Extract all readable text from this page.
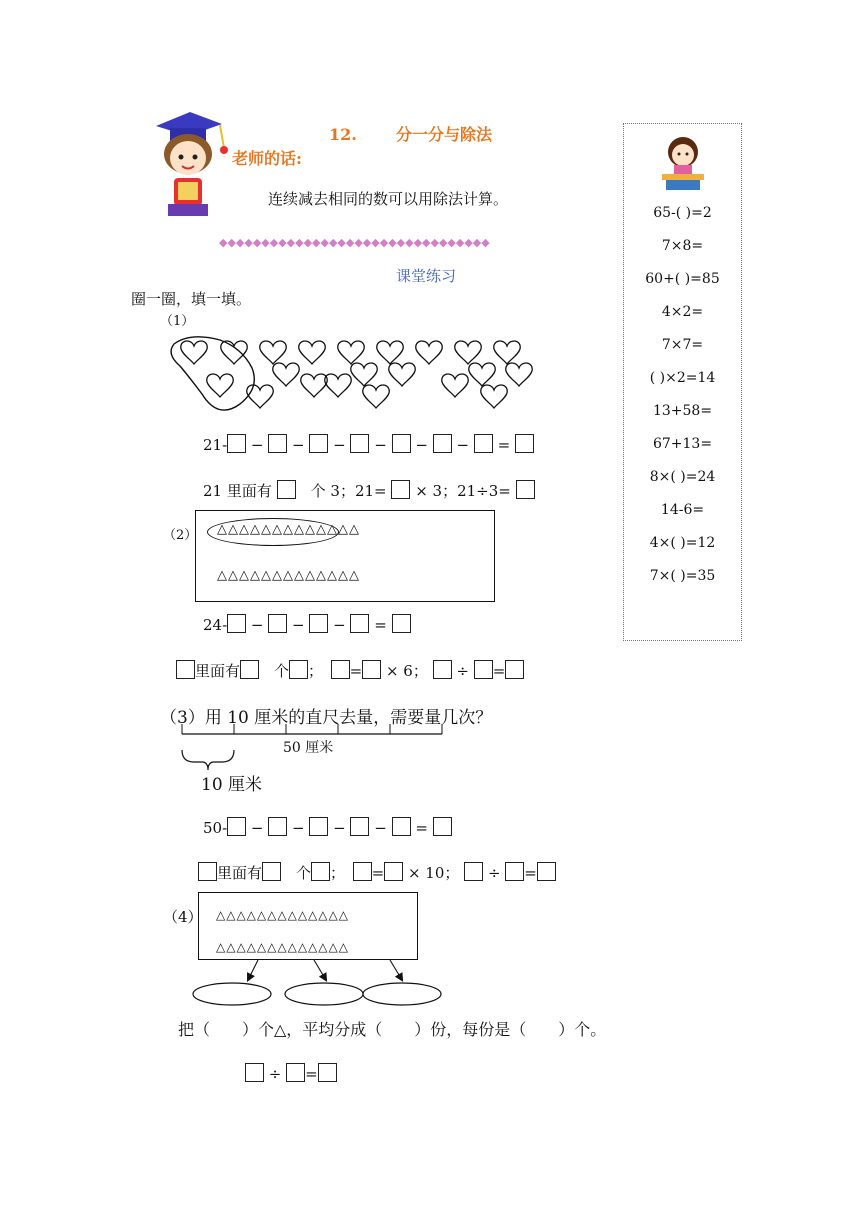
12. 分一分与除法
老师的话:
连续减去相同的数可以用除法计算。
◆◆◆◆◆◆◆◆◆◆◆◆◆◆◆◆◆◆◆◆◆◆◆◆◆◆◆◆◆◆◆◆
课堂练习
圈一圈，填一填。
65-( )=2
7×8=
60+( )=85
4×2=
7×7=
( )×2=14
13+58=
67+13=
8×( )=24
14-6=
4×( )=12
7×( )=35
（1）
21- −  −  −  −  −  −  =
21 里面有 　	个 3；21= × 3；21÷3=
（2） △△△△△△△△△△△△△
△△△△△△△△△△△△△
24- −  −  −  =
里面有　 个 ；　 = × 6； ÷ =
（3）用 10 厘米的直尺去量，需要量几次？
50 厘米
10 厘米
50- −  −  −  −  =
里面有　 个 ；　 = × 10； ÷ =
（4） △△△△△△△△△△△△△
△△△△△△△△△△△△△
把（　　）个△，平均分成（　　）份，每份是（　　）个。
÷ =
